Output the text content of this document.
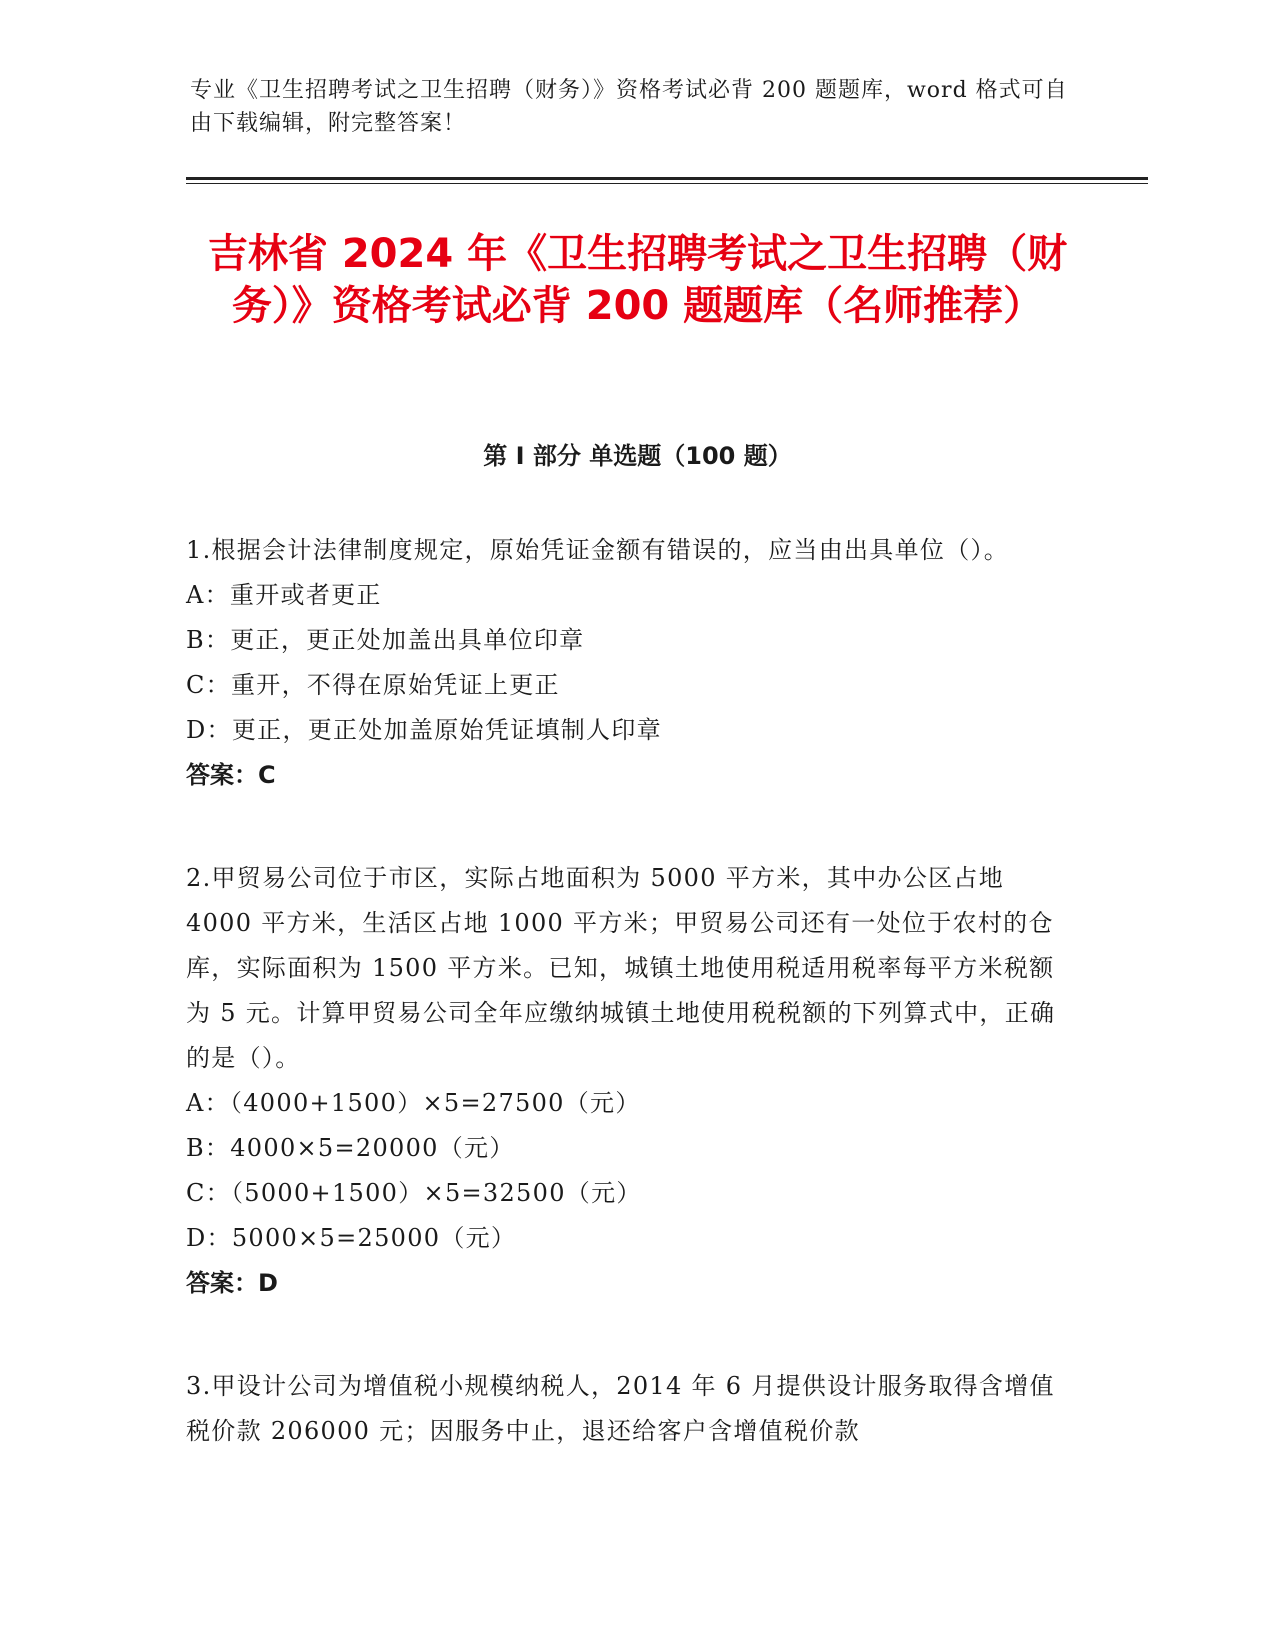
专业《卫生招聘考试之卫生招聘（财务）》资格考试必背 200 题题库，word 格式可自由下载编辑，附完整答案！
吉林省 2024 年《卫生招聘考试之卫生招聘（财务）》资格考试必背 200 题题库（名师推荐）
第 I 部分 单选题（100 题）
1.根据会计法律制度规定，原始凭证金额有错误的，应当由出具单位（）。
A：重开或者更正
B：更正，更正处加盖出具单位印章
C：重开，不得在原始凭证上更正
D：更正，更正处加盖原始凭证填制人印章
答案：C
2.甲贸易公司位于市区，实际占地面积为 5000 平方米，其中办公区占地 4000 平方米，生活区占地 1000 平方米；甲贸易公司还有一处位于农村的仓库，实际面积为 1500 平方米。已知，城镇土地使用税适用税率每平方米税额为 5 元。计算甲贸易公司全年应缴纳城镇土地使用税税额的下列算式中，正确的是（）。
A：（4000+1500）×5=27500（元）
B：4000×5=20000（元）
C：（5000+1500）×5=32500（元）
D：5000×5=25000（元）
答案：D
3.甲设计公司为增值税小规模纳税人，2014 年 6 月提供设计服务取得含增值税价款 206000 元；因服务中止，退还给客户含增值税价款
